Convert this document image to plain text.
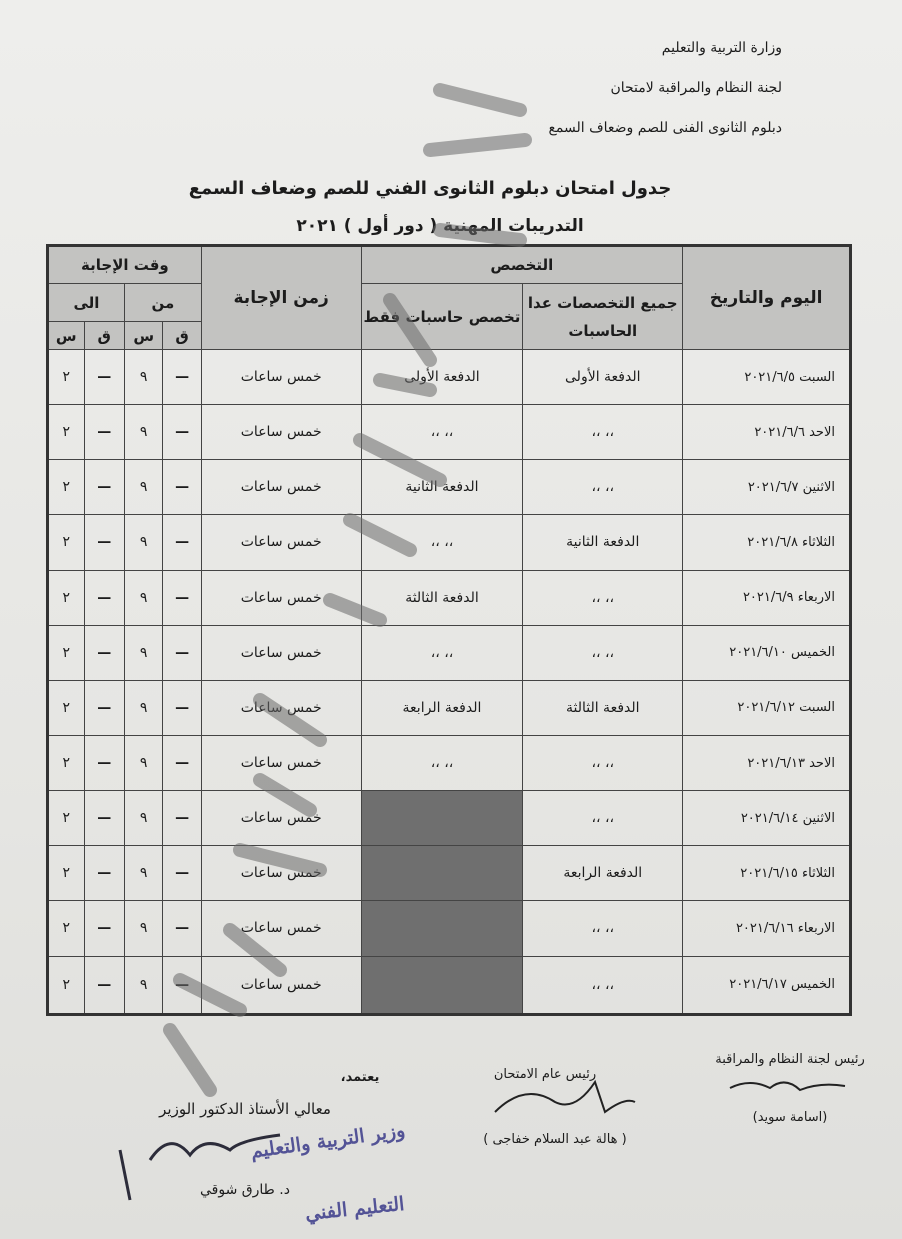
وزارة التربية والتعليم
لجنة النظام والمراقبة لامتحان
دبلوم الثانوى الفنى للصم وضعاف السمع
جدول امتحان دبلوم الثانوى الفني للصم وضعاف السمع
التدريبات المهنية ( دور أول ) ٢٠٢١
اليوم والتاريخ	التخصص		زمن الإجابة	وقت الإجابة			
	جميع التخصصات عدا الحاسبات	تخصص حاسبات فقط		من		الى	
				ق	س	ق	س
السبت ٢٠٢١/٦/٥	الدفعة الأولى	الدفعة الأولى	خمس ساعات	—	٩	—	٢
الاحد ٢٠٢١/٦/٦	،، ،،	،، ،،	خمس ساعات	—	٩	—	٢
الاثنين ٢٠٢١/٦/٧	،، ،،	الدفعة الثانية	خمس ساعات	—	٩	—	٢
الثلاثاء ٢٠٢١/٦/٨	الدفعة الثانية	،، ،،	خمس ساعات	—	٩	—	٢
الاربعاء ٢٠٢١/٦/٩	،، ،،	الدفعة الثالثة	خمس ساعات	—	٩	—	٢
الخميس ٢٠٢١/٦/١٠	،، ،،	،، ،،	خمس ساعات	—	٩	—	٢
السبت ٢٠٢١/٦/١٢	الدفعة الثالثة	الدفعة الرابعة	خمس ساعات	—	٩	—	٢
الاحد ٢٠٢١/٦/١٣	،، ،،	،، ،،	خمس ساعات	—	٩	—	٢
الاثنين ٢٠٢١/٦/١٤	،، ،،		خمس ساعات	—	٩	—	٢
الثلاثاء ٢٠٢١/٦/١٥	الدفعة الرابعة		خمس ساعات	—	٩	—	٢
الاربعاء ٢٠٢١/٦/١٦	،، ،،		خمس ساعات	—	٩	—	٢
الخميس ٢٠٢١/٦/١٧	،، ،،		خمس ساعات	—	٩	—	٢
رئيس لجنة النظام والمراقبة
(اسامة سويد)
رئيس عام الامتحان
( هالة عبد السلام خفاجى )
يعتمد،
معالي الأستاذ الدكتور الوزير
د. طارق شوقي
وزير التربية والتعليم
التعليم الفني
